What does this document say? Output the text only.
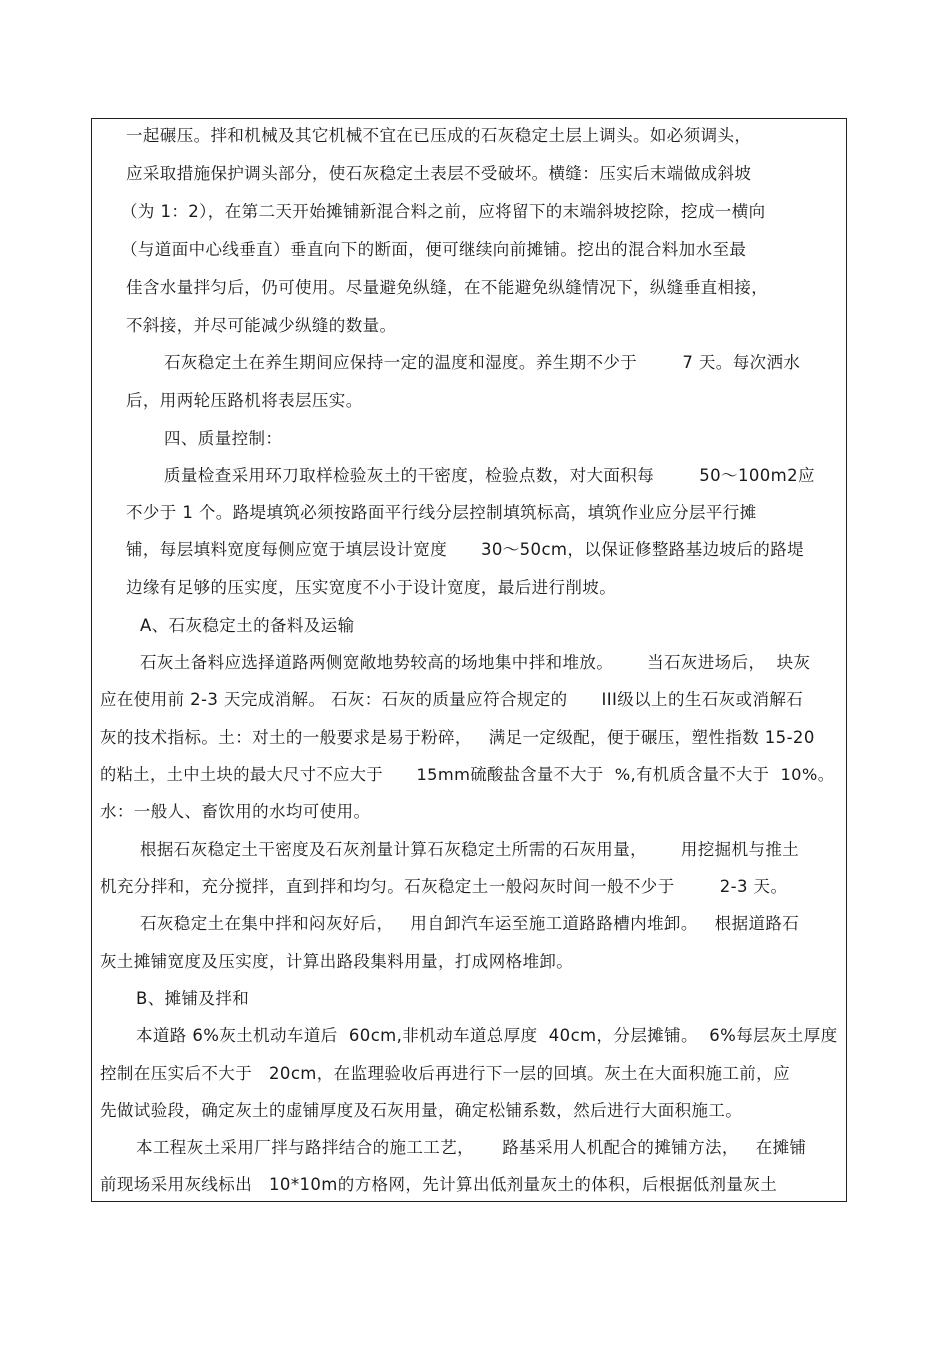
一起碾压。拌和机械及其它机械不宜在已压成的石灰稳定土层上调头。如必须调头，
应采取措施保护调头部分，使石灰稳定土表层不受破坏。横缝：压实后末端做成斜坡
（为 1：2），在第二天开始摊铺新混合料之前，应将留下的末端斜坡挖除，挖成一横向
（与道面中心线垂直）垂直向下的断面，便可继续向前摊铺。挖出的混合料加水至最
佳含水量拌匀后，仍可使用。尽量避免纵缝，在不能避免纵缝情况下，纵缝垂直相接，
不斜接，并尽可能减少纵缝的数量。
石灰稳定土在养生期间应保持一定的温度和湿度。养生期不少于        7 天。每次洒水
后，用两轮压路机将表层压实。
四、质量控制：
质量检查采用环刀取样检验灰土的干密度，检验点数，对大面积每        50～100m2应
不少于 1 个。路堤填筑必须按路面平行线分层控制填筑标高，填筑作业应分层平行摊
铺，每层填料宽度每侧应宽于填层设计宽度      30～50cm，以保证修整路基边坡后的路堤
边缘有足够的压实度，压实宽度不小于设计宽度，最后进行削坡。
A、石灰稳定土的备料及运输
石灰土备料应选择道路两侧宽敞地势较高的场地集中拌和堆放。      当石灰进场后，  块灰
应在使用前 2-3 天完成消解。 石灰：石灰的质量应符合规定的      III级以上的生石灰或消解石
灰的技术指标。土：对土的一般要求是易于粉碎，   满足一定级配，便于碾压，塑性指数 15-20
的粘土，土中土块的最大尺寸不应大于      15mm硫酸盐含量不大于  %,有机质含量不大于  10%。
水：一般人、畜饮用的水均可使用。
根据石灰稳定土干密度及石灰剂量计算石灰稳定土所需的石灰用量，      用挖掘机与推土
机充分拌和，充分搅拌，直到拌和均匀。石灰稳定土一般闷灰时间一般不少于        2-3 天。
石灰稳定土在集中拌和闷灰好后，   用自卸汽车运至施工道路路槽内堆卸。   根据道路石
灰土摊铺宽度及压实度，计算出路段集料用量，打成网格堆卸。
B、摊铺及拌和
本道路 6%灰土机动车道后  60cm,非机动车道总厚度  40cm，分层摊铺。  6%每层灰土厚度
控制在压实后不大于   20cm，在监理验收后再进行下一层的回填。灰土在大面积施工前，应
先做试验段，确定灰土的虚铺厚度及石灰用量，确定松铺系数，然后进行大面积施工。
本工程灰土采用厂拌与路拌结合的施工工艺，     路基采用人机配合的摊铺方法，   在摊铺
前现场采用灰线标出   10*10m的方格网，先计算出低剂量灰土的体积，后根据低剂量灰土
